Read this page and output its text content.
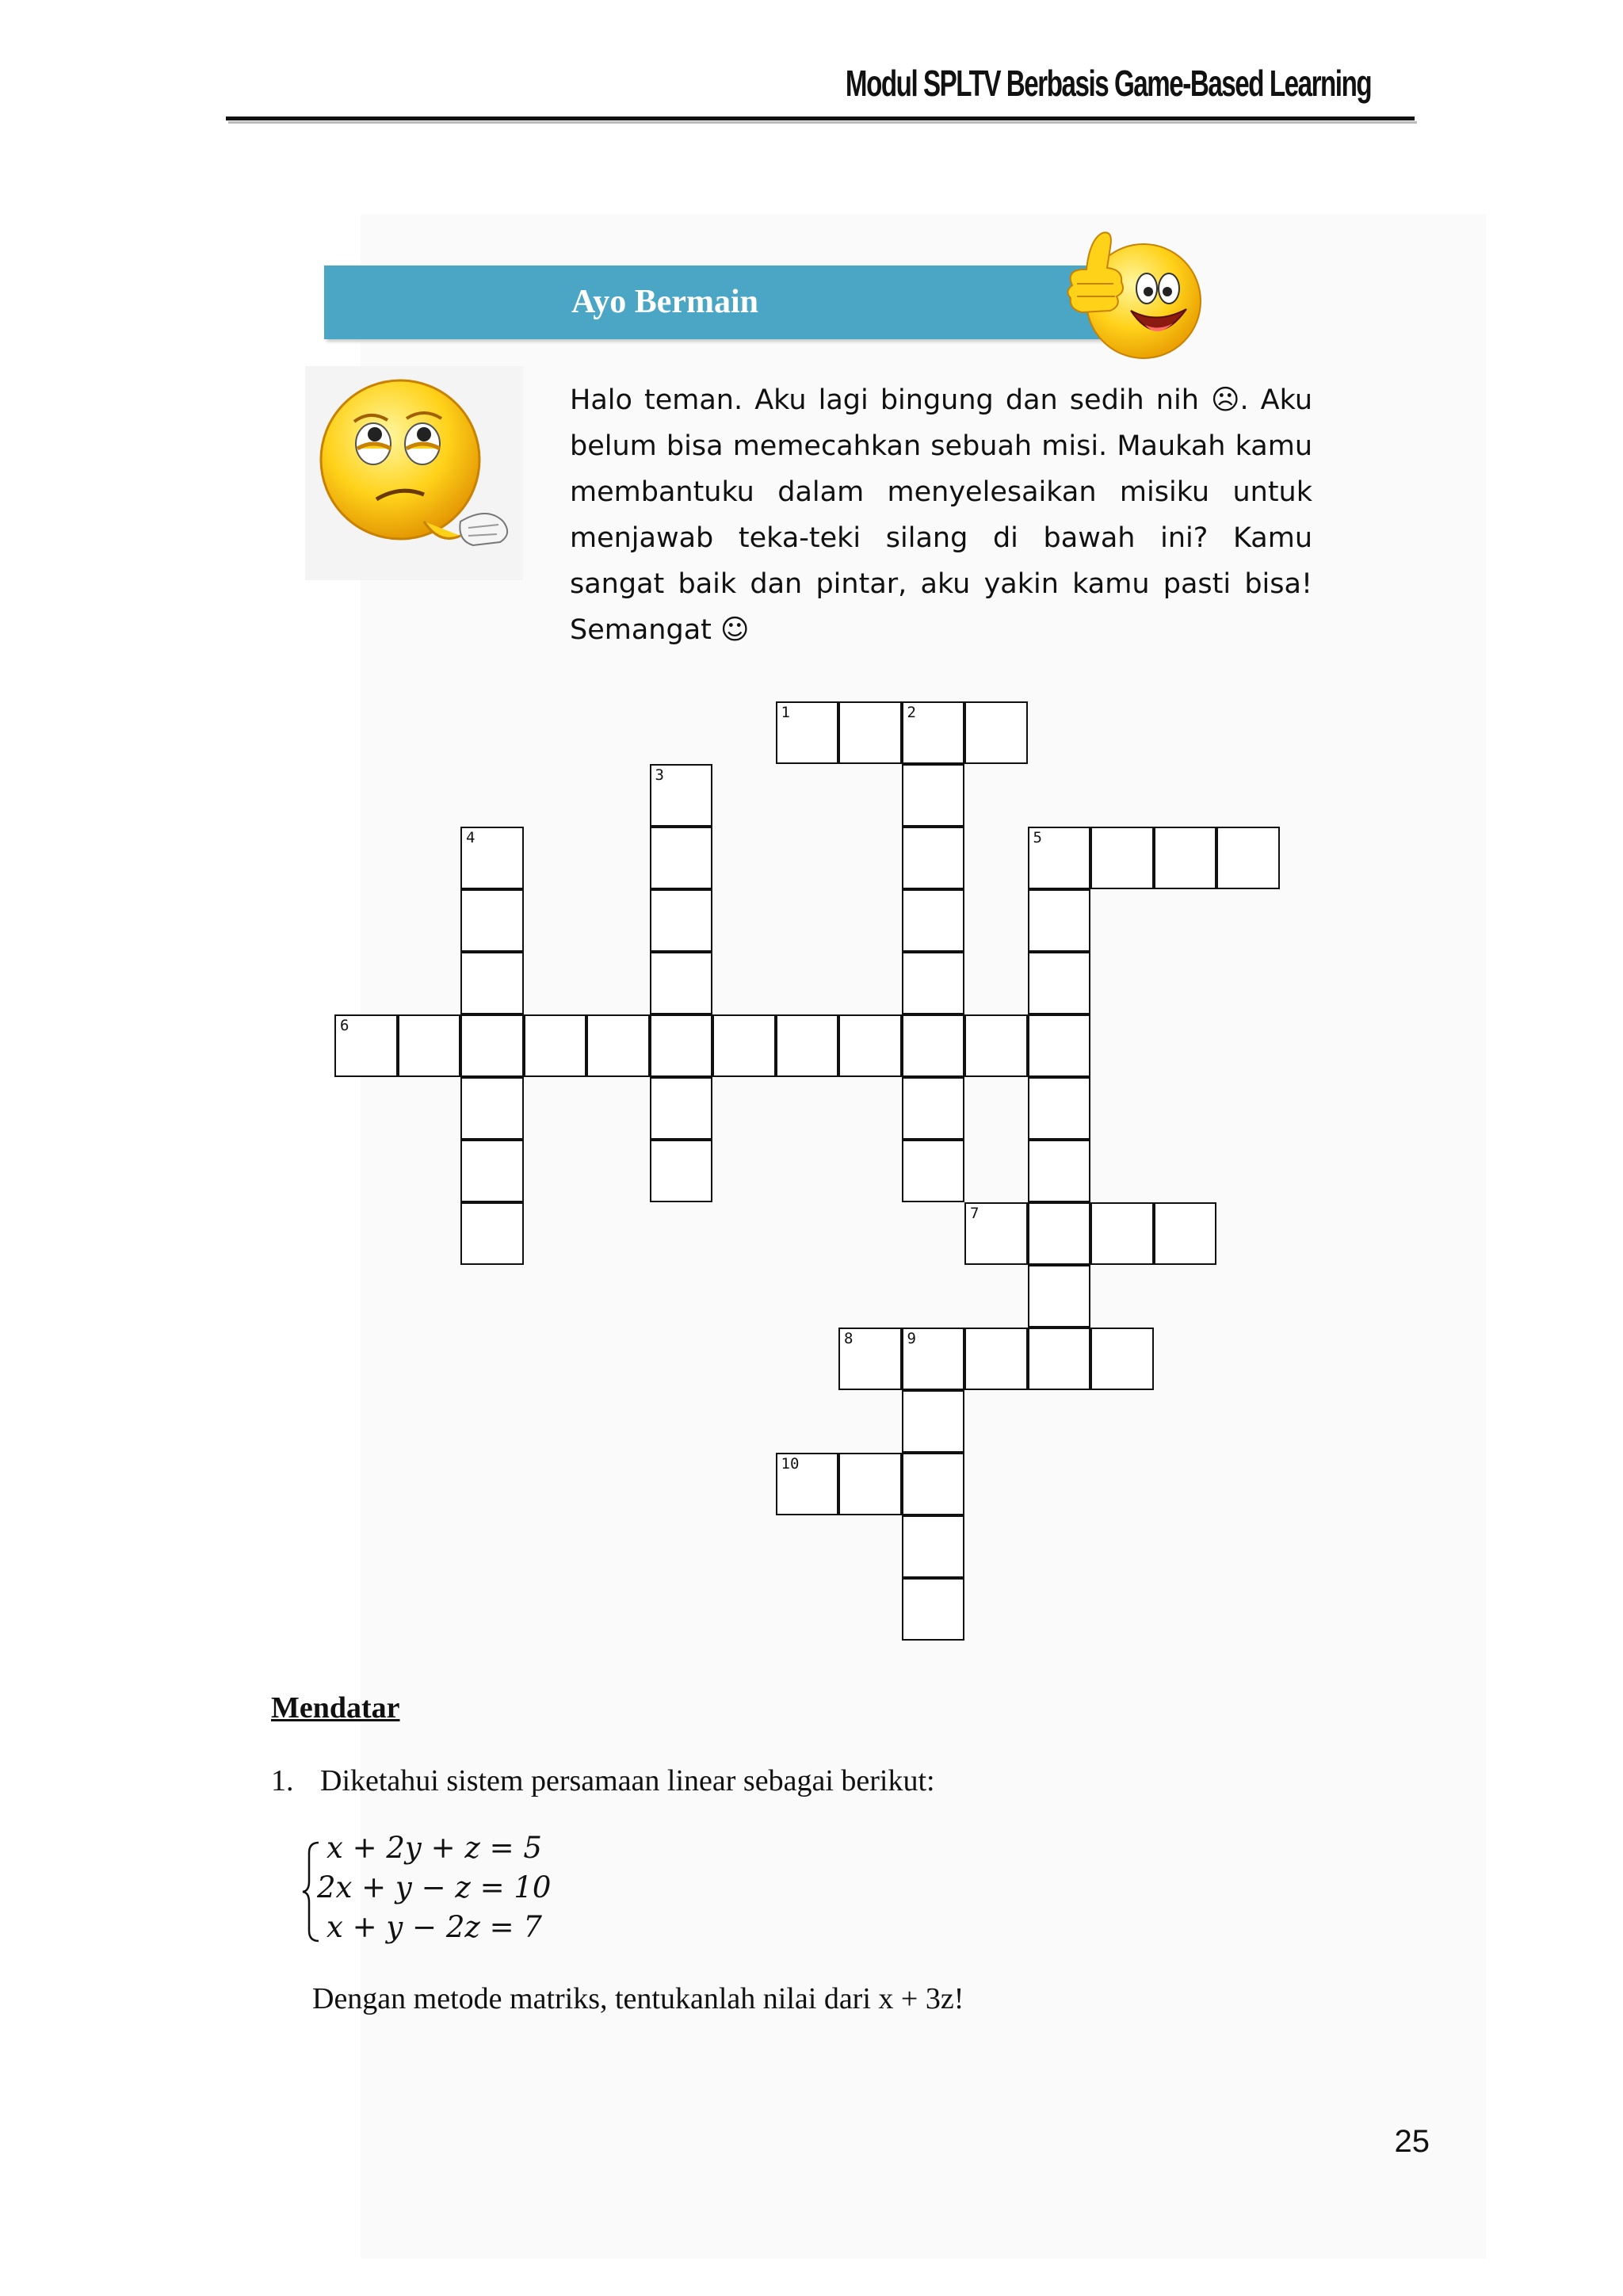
Modul SPLTV Berbasis Game-Based Learning
Ayo Bermain
Halo teman. Aku lagi bingung dan sedih nih ☹. Aku belum bisa memecahkan sebuah misi. Maukah kamu membantuku dalam menyelesaikan misiku untuk menjawab teka-teki silang di bawah ini? Kamu sangat baik dan pintar, aku yakin kamu pasti bisa! Semangat ☺
1	2
3
4	5
6
7
8	9
10
Mendatar
1. Diketahui sistem persamaan linear sebagai berikut:
x + 2y + z = 5
2x + y − z = 10
x + y − 2z = 7
Dengan metode matriks, tentukanlah nilai dari x + 3z!
25
